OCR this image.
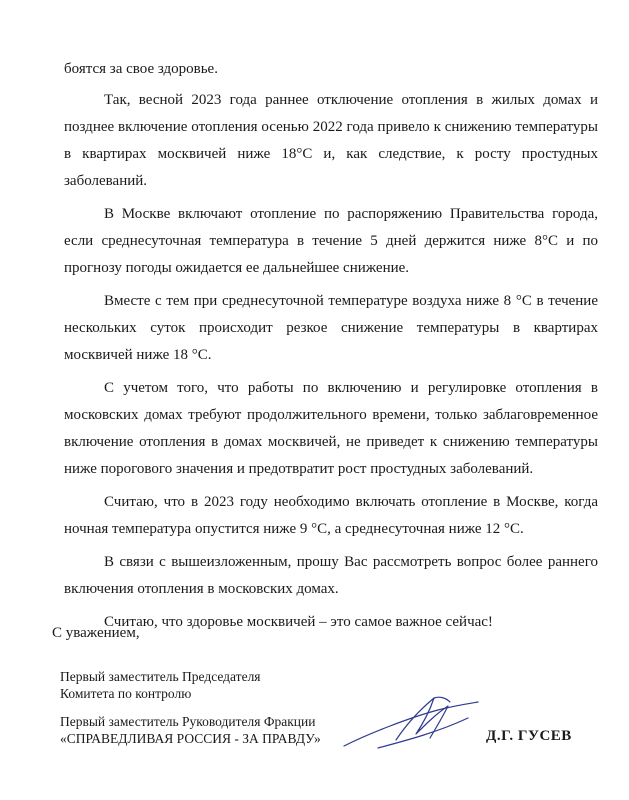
боятся за свое здоровье.

Так, весной 2023 года раннее отключение отопления в жилых домах и позднее включение отопления осенью 2022 года привело к снижению температуры в квартирах москвичей ниже 18°С и, как следствие, к росту простудных заболеваний.

В Москве включают отопление по распоряжению Правительства города, если среднесуточная температура в течение 5 дней держится ниже 8°С и по прогнозу погоды ожидается ее дальнейшее снижение.

Вместе с тем при среднесуточной температуре воздуха ниже 8 °С в течение нескольких суток происходит резкое снижение температуры в квартирах москвичей ниже 18 °С.

С учетом того, что работы по включению и регулировке отопления в московских домах требуют продолжительного времени, только заблаговременное включение отопления в домах москвичей, не приведет к снижению температуры ниже порогового значения и предотвратит рост простудных заболеваний.

Считаю, что в 2023 году необходимо включать отопление в Москве, когда ночная температура опустится ниже 9 °С, а среднесуточная ниже 12 °С.

В связи с вышеизложенным, прошу Вас рассмотреть вопрос более раннего включения отопления в московских домах.

Считаю, что здоровье москвичей – это самое важное сейчас!

С уважением,

Первый заместитель Председателя
Комитета по контролю
Первый заместитель Руководителя Фракции
«СПРАВЕДЛИВАЯ РОССИЯ - ЗА ПРАВДУ»	Д.Г. ГУСЕВ
